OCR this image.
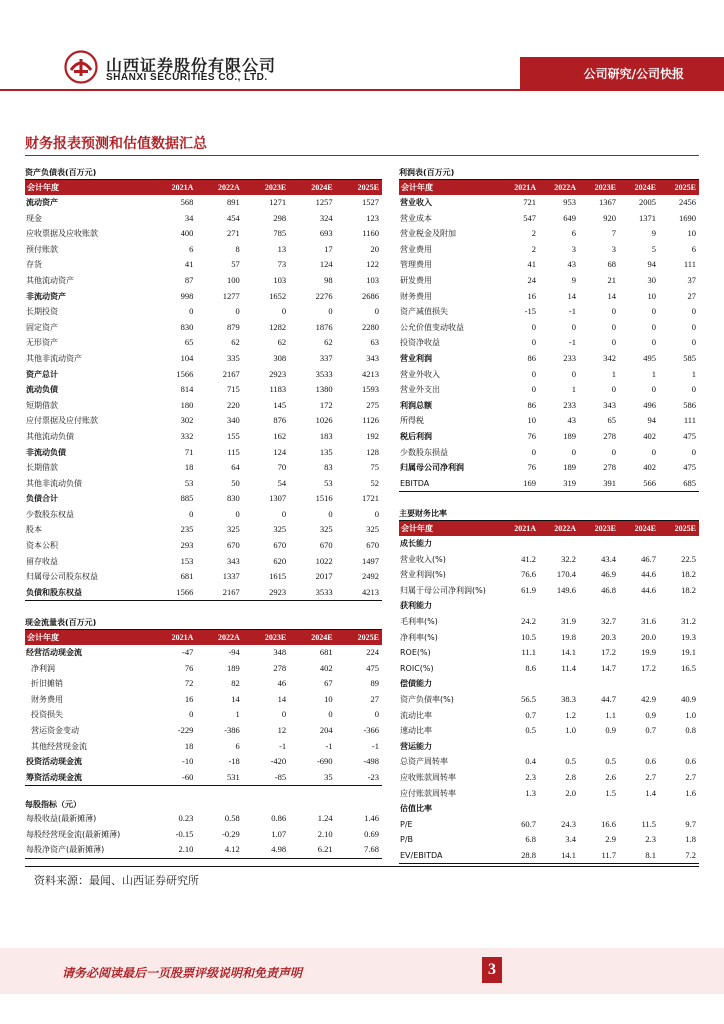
山西证券股份有限公司
SHANXI SECURITIES CO., LTD.	公司研究/公司快报
财务报表预测和估值数据汇总
资产负债表(百万元)
会计年度	2021A	2022A	2023E	2024E	2025E
流动资产	568	891	1271	1257	1527
现金	34	454	298	324	123
应收票据及应收账款	400	271	785	693	1160
预付账款	6	8	13	17	20
存货	41	57	73	124	122
其他流动资产	87	100	103	98	103
非流动资产	998	1277	1652	2276	2686
长期投资	0	0	0	0	0
固定资产	830	879	1282	1876	2280
无形资产	65	62	62	62	63
其他非流动资产	104	335	308	337	343
资产总计	1566	2167	2923	3533	4213
流动负债	814	715	1183	1380	1593
短期借款	180	220	145	172	275
应付票据及应付账款	302	340	876	1026	1126
其他流动负债	332	155	162	183	192
非流动负债	71	115	124	135	128
长期借款	18	64	70	83	75
其他非流动负债	53	50	54	53	52
负债合计	885	830	1307	1516	1721
少数股东权益	0	0	0	0	0
股本	235	325	325	325	325
资本公积	293	670	670	670	670
留存收益	153	343	620	1022	1497
归属母公司股东权益	681	1337	1615	2017	2492
负债和股东权益	1566	2167	2923	3533	4213
现金流量表(百万元)
会计年度	2021A	2022A	2023E	2024E	2025E
经营活动现金流	-47	-94	348	681	224
净利润	76	189	278	402	475
折旧摊销	72	82	46	67	89
财务费用	16	14	14	10	27
投资损失	0	1	0	0	0
营运资金变动	-229	-386	12	204	-366
其他经营现金流	18	6	-1	-1	-1
投资活动现金流	-10	-18	-420	-690	-498
筹资活动现金流	-60	531	-85	35	-23
每股指标（元）
每股收益(最新摊薄)	0.23	0.58	0.86	1.24	1.46
每股经营现金流(最新摊薄)	-0.15	-0.29	1.07	2.10	0.69
每股净资产(最新摊薄)	2.10	4.12	4.98	6.21	7.68
利润表(百万元)
会计年度	2021A	2022A	2023E	2024E	2025E
营业收入	721	953	1367	2005	2456
营业成本	547	649	920	1371	1690
营业税金及附加	2	6	7	9	10
营业费用	2	3	3	5	6
管理费用	41	43	68	94	111
研发费用	24	9	21	30	37
财务费用	16	14	14	10	27
资产减值损失	-15	-1	0	0	0
公允价值变动收益	0	0	0	0	0
投资净收益	0	-1	0	0	0
营业利润	86	233	342	495	585
营业外收入	0	0	1	1	1
营业外支出	0	1	0	0	0
利润总额	86	233	343	496	586
所得税	10	43	65	94	111
税后利润	76	189	278	402	475
少数股东损益	0	0	0	0	0
归属母公司净利润	76	189	278	402	475
EBITDA	169	319	391	566	685
主要财务比率
会计年度	2021A	2022A	2023E	2024E	2025E
成长能力					
营业收入(%)	41.2	32.2	43.4	46.7	22.5
营业利润(%)	76.6	170.4	46.9	44.6	18.2
归属于母公司净利润(%)	61.9	149.6	46.8	44.6	18.2
获利能力					
毛利率(%)	24.2	31.9	32.7	31.6	31.2
净利率(%)	10.5	19.8	20.3	20.0	19.3
ROE(%)	11.1	14.1	17.2	19.9	19.1
ROIC(%)	8.6	11.4	14.7	17.2	16.5
偿债能力					
资产负债率(%)	56.5	38.3	44.7	42.9	40.9
流动比率	0.7	1.2	1.1	0.9	1.0
速动比率	0.5	1.0	0.9	0.7	0.8
营运能力					
总资产周转率	0.4	0.5	0.5	0.6	0.6
应收账款周转率	2.3	2.8	2.6	2.7	2.7
应付账款周转率	1.3	2.0	1.5	1.4	1.6
估值比率					
P/E	60.7	24.3	16.6	11.5	9.7
P/B	6.8	3.4	2.9	2.3	1.8
EV/EBITDA	28.8	14.1	11.7	8.1	7.2
资料来源：最闻、山西证券研究所
请务必阅读最后一页股票评级说明和免责声明	3
